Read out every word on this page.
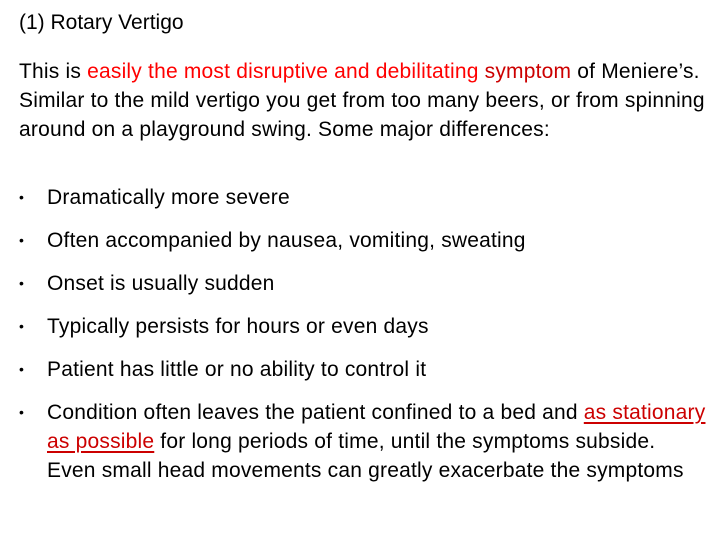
(1) Rotary Vertigo
This is easily the most disruptive and debilitating symptom of Meniere’s. Similar to the mild vertigo you get from too many beers, or from spinning around on a playground swing. Some major differences:
•	Dramatically more severe
•	Often accompanied by nausea, vomiting, sweating
•	Onset is usually sudden
•	Typically persists for hours or even days
•	Patient has little or no ability to control it
•	Condition often leaves the patient confined to a bed and as stationary as possible for long periods of time, until the symptoms subside. Even small head movements can greatly exacerbate the symptoms
